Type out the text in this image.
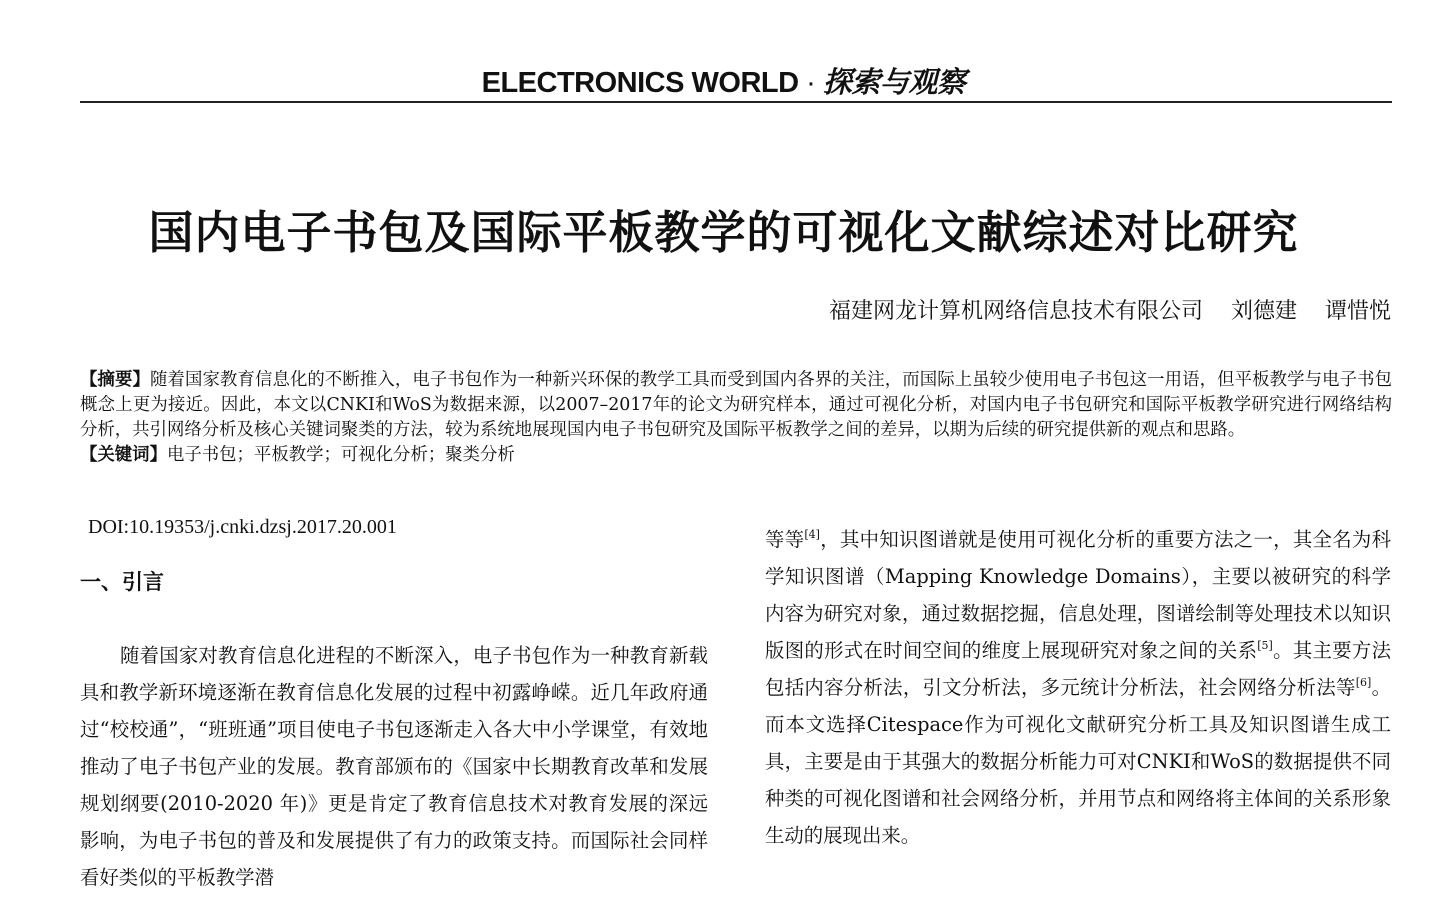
ELECTRONICS WORLD · 探索与观察
国内电子书包及国际平板教学的可视化文献综述对比研究
福建网龙计算机网络信息技术有限公司 刘德建 谭惜悦
【摘要】随着国家教育信息化的不断推入，电子书包作为一种新兴环保的教学工具而受到国内各界的关注，而国际上虽较少使用电子书包这一用语，但平板教学与电子书包概念上更为接近。因此，本文以CNKI和WoS为数据来源，以2007–2017年的论文为研究样本，通过可视化分析，对国内电子书包研究和国际平板教学研究进行网络结构分析，共引网络分析及核心关键词聚类的方法，较为系统地展现国内电子书包研究及国际平板教学之间的差异，以期为后续的研究提供新的观点和思路。
【关键词】电子书包；平板教学；可视化分析；聚类分析
DOI:10.19353/j.cnki.dzsj.2017.20.001
一、引言
随着国家对教育信息化进程的不断深入，电子书包作为一种教育新载具和教学新环境逐渐在教育信息化发展的过程中初露峥嵘。近几年政府通过“校校通”，“班班通”项目使电子书包逐渐走入各大中小学课堂，有效地推动了电子书包产业的发展。教育部颁布的《国家中长期教育改革和发展规划纲要(2010-2020 年)》更是肯定了教育信息技术对教育发展的深远影响，为电子书包的普及和发展提供了有力的政策支持。而国际社会同样看好类似的平板教学潜
等等[4]，其中知识图谱就是使用可视化分析的重要方法之一，其全名为科学知识图谱（Mapping Knowledge Domains），主要以被研究的科学内容为研究对象，通过数据挖掘，信息处理，图谱绘制等处理技术以知识版图的形式在时间空间的维度上展现研究对象之间的关系[5]。其主要方法包括内容分析法，引文分析法，多元统计分析法，社会网络分析法等[6]。而本文选择Citespace作为可视化文献研究分析工具及知识图谱生成工具，主要是由于其强大的数据分析能力可对CNKI和WoS的数据提供不同种类的可视化图谱和社会网络分析，并用节点和网络将主体间的关系形象生动的展现出来。
